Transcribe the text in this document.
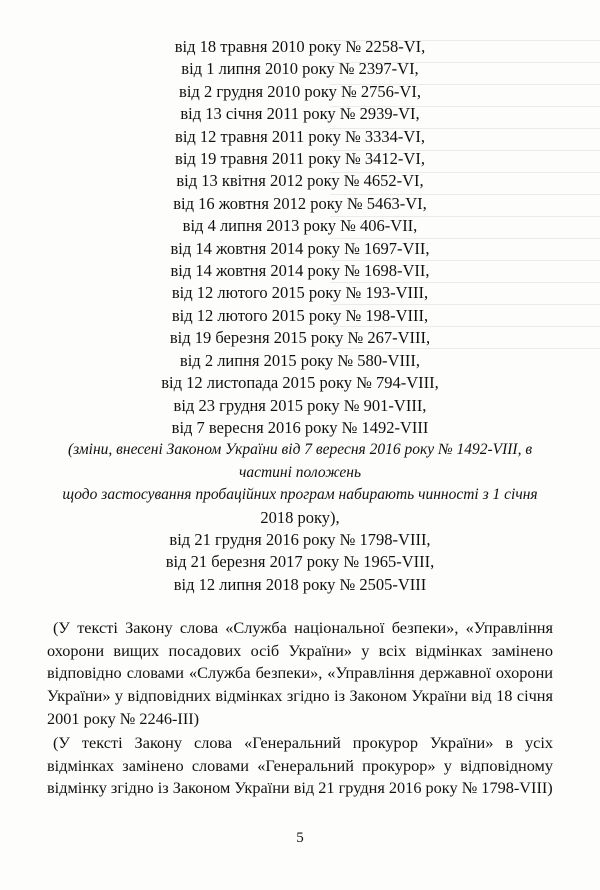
від 18 травня 2010 року № 2258-VI,
від 1 липня 2010 року № 2397-VI,
від 2 грудня 2010 року № 2756-VI,
від 13 січня 2011 року № 2939-VI,
від 12 травня 2011 року № 3334-VI,
від 19 травня 2011 року № 3412-VI,
від 13 квітня 2012 року № 4652-VI,
від 16 жовтня 2012 року № 5463-VI,
від 4 липня 2013 року № 406-VII,
від 14 жовтня 2014 року № 1697-VII,
від 14 жовтня 2014 року № 1698-VII,
від 12 лютого 2015 року № 193-VIII,
від 12 лютого 2015 року № 198-VIII,
від 19 березня 2015 року № 267-VIII,
від 2 липня 2015 року № 580-VIII,
від 12 листопада 2015 року № 794-VIII,
від 23 грудня 2015 року № 901-VIII,
від 7 вересня 2016 року № 1492-VIII
(зміни, внесені Законом України від 7 вересня 2016 року № 1492-VIII, в
частині положень
щодо застосування пробаційних програм набирають чинності з 1 січня
2018 року),
від 21 грудня 2016 року № 1798-VIII,
від 21 березня 2017 року № 1965-VIII,
від 12 липня 2018 року № 2505-VIII

(У тексті Закону слова «Служба національної безпеки», «Управління охорони вищих посадових осіб України» у всіх відмінках замінено відповідно словами «Служба безпеки», «Управління державної охорони України» у відповідних відмінках згідно із Законом України від 18 січня 2001 року № 2246-III)

(У тексті Закону слова «Генеральний прокурор України» в усіх відмінках замінено словами «Генеральний прокурор» у відповідному відмінку згідно із Законом України від 21 грудня 2016 року № 1798-VIII)

5
